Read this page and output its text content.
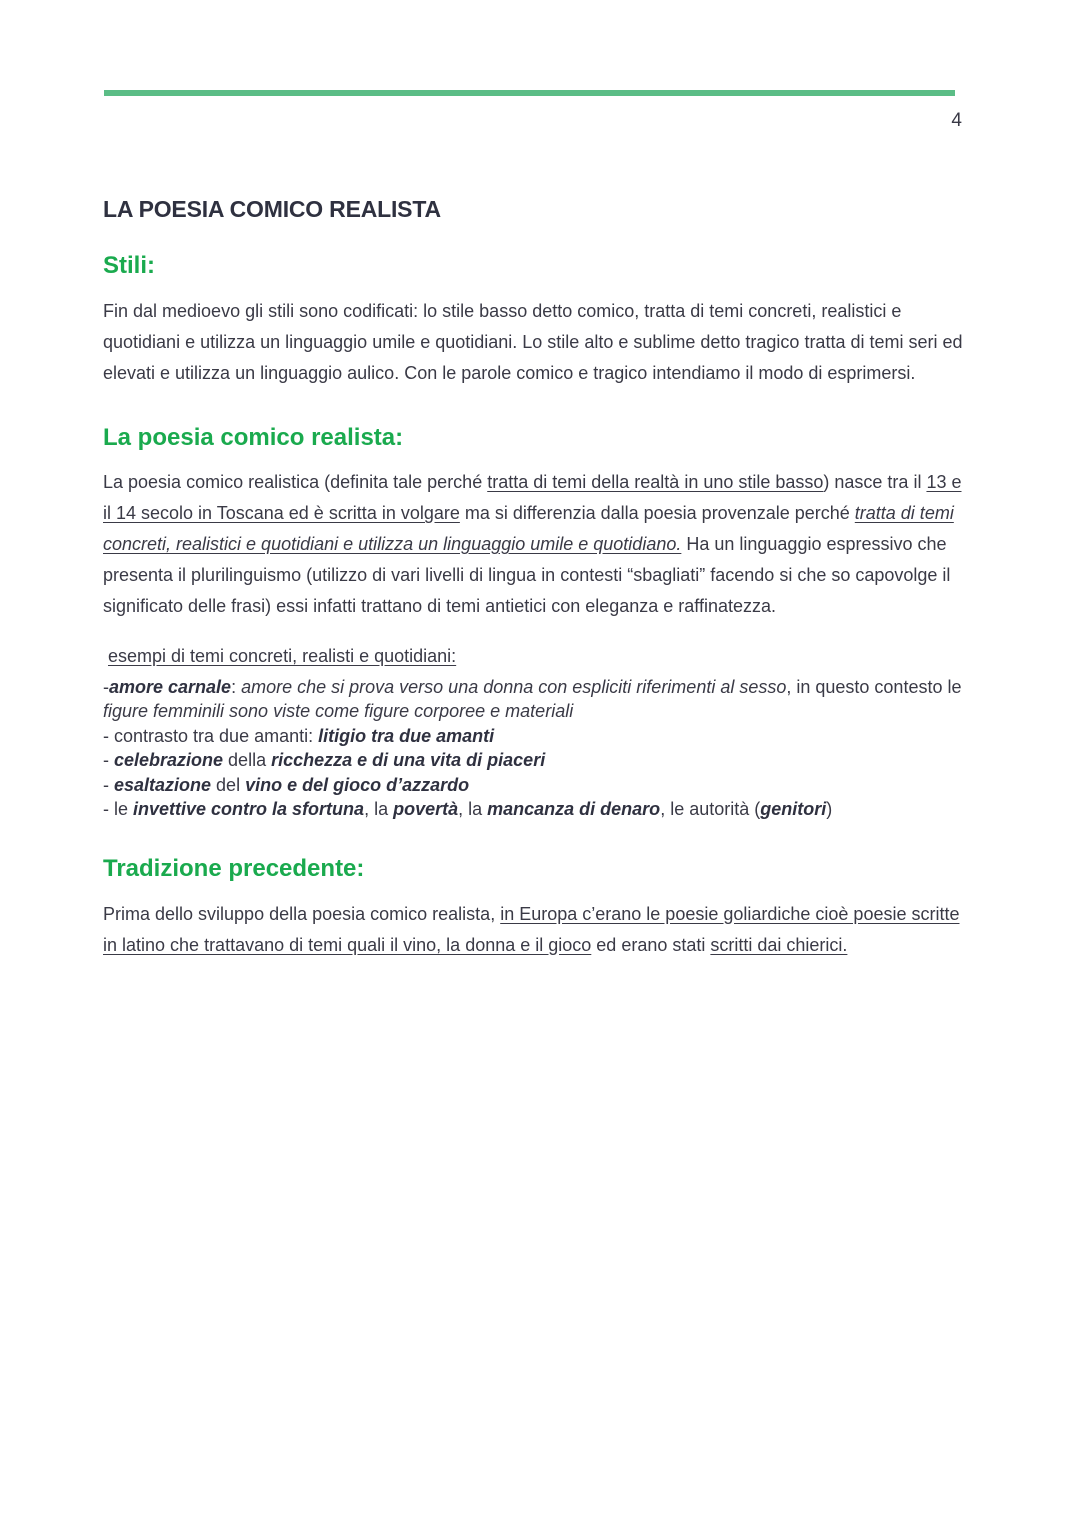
4
LA POESIA COMICO REALISTA
Stili:

Fin dal medioevo gli stili sono codificati: lo stile basso detto comico, tratta di temi concreti, realistici e quotidiani e utilizza un linguaggio umile e quotidiani. Lo stile alto e sublime detto tragico tratta di temi seri ed elevati e utilizza un linguaggio aulico. Con le parole comico e tragico intendiamo il modo di esprimersi.

La poesia comico realista:

La poesia comico realistica (definita tale perché tratta di temi della realtà in uno stile basso) nasce tra il 13 e il 14 secolo in Toscana ed è scritta in volgare ma si differenzia dalla poesia provenzale perché tratta di temi concreti, realistici e quotidiani e utilizza un linguaggio umile e quotidiano. Ha un linguaggio espressivo che presenta il plurilinguismo (utilizzo di vari livelli di lingua in contesti “sbagliati” facendo si che so capovolge il significato delle frasi) essi infatti trattano di temi antietici con eleganza e raffinatezza.

esempi di temi concreti, realisti e quotidiani:
-amore carnale: amore che si prova verso una donna con espliciti riferimenti al sesso, in questo contesto le figure femminili sono viste come figure corporee e materiali
- contrasto tra due amanti: litigio tra due amanti
- celebrazione della ricchezza e di una vita di piaceri
- esaltazione del vino e del gioco d’azzardo
- le invettive contro la sfortuna, la povertà, la mancanza di denaro, le autorità (genitori)
Tradizione precedente:

Prima dello sviluppo della poesia comico realista, in Europa c’erano le poesie goliardiche cioè poesie scritte in latino che trattavano di temi quali il vino, la donna e il gioco ed erano stati scritti dai chierici.
